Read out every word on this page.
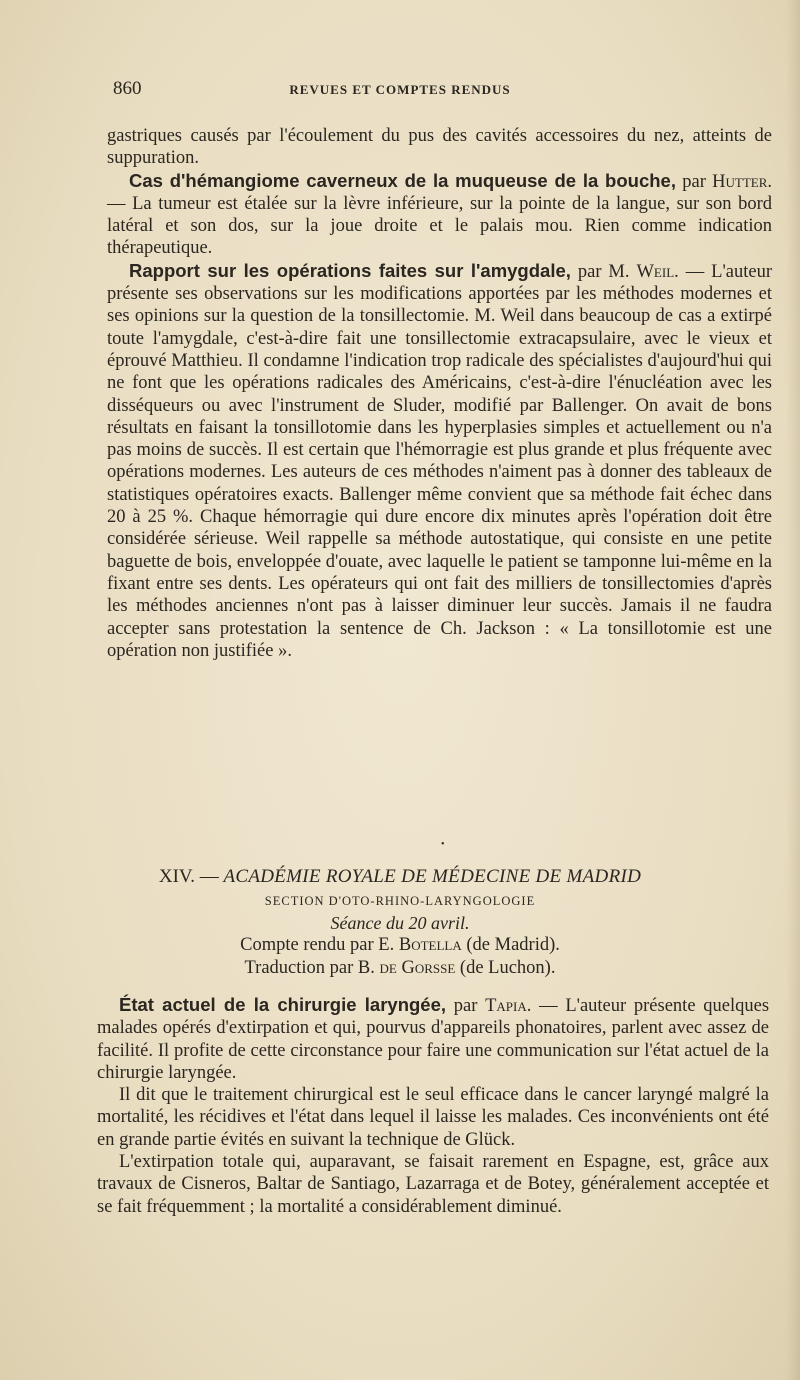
860	REVUES ET COMPTES RENDUS

gastriques causés par l'écoulement du pus des cavités accessoires du nez, atteints de suppuration.

Cas d'hémangiome caverneux de la muqueuse de la bouche, par Hutter. — La tumeur est étalée sur la lèvre inférieure, sur la pointe de la langue, sur son bord latéral et son dos, sur la joue droite et le palais mou. Rien comme indication thérapeutique.

Rapport sur les opérations faites sur l'amygdale, par M. Weil. — L'auteur présente ses observations sur les modifications apportées par les méthodes modernes et ses opinions sur la question de la tonsillectomie. M. Weil dans beaucoup de cas a extirpé toute l'amygdale, c'est-à-dire fait une tonsillectomie extracapsulaire, avec le vieux et éprouvé Matthieu. Il condamne l'indication trop radicale des spécialistes d'aujourd'hui qui ne font que les opérations radicales des Américains, c'est-à-dire l'énucléation avec les disséqueurs ou avec l'instrument de Sluder, modifié par Ballenger. On avait de bons résultats en faisant la tonsillotomie dans les hyperplasies simples et actuellement ou n'a pas moins de succès. Il est certain que l'hémorragie est plus grande et plus fréquente avec opérations modernes. Les auteurs de ces méthodes n'aiment pas à donner des tableaux de statistiques opératoires exacts. Ballenger même convient que sa méthode fait échec dans 20 à 25 %. Chaque hémorragie qui dure encore dix minutes après l'opération doit être considérée sérieuse. Weil rappelle sa méthode autostatique, qui consiste en une petite baguette de bois, enveloppée d'ouate, avec laquelle le patient se tamponne lui-même en la fixant entre ses dents. Les opérateurs qui ont fait des milliers de tonsillectomies d'après les méthodes anciennes n'ont pas à laisser diminuer leur succès. Jamais il ne faudra accepter sans protestation la sentence de Ch. Jackson : « La tonsillotomie est une opération non justifiée ».

•
XIV. — ACADÉMIE ROYALE DE MÉDECINE DE MADRID
SECTION D'OTO-RHINO-LARYNGOLOGIE
Séance du 20 avril.
Compte rendu par E. Botella (de Madrid).
Traduction par B. de Gorsse (de Luchon).

État actuel de la chirurgie laryngée, par Tapia. — L'auteur présente quelques malades opérés d'extirpation et qui, pourvus d'appareils phonatoires, parlent avec assez de facilité. Il profite de cette circonstance pour faire une communication sur l'état actuel de la chirurgie laryngée.

Il dit que le traitement chirurgical est le seul efficace dans le cancer laryngé malgré la mortalité, les récidives et l'état dans lequel il laisse les malades. Ces inconvénients ont été en grande partie évités en suivant la technique de Glück.

L'extirpation totale qui, auparavant, se faisait rarement en Espagne, est, grâce aux travaux de Cisneros, Baltar de Santiago, Lazarraga et de Botey, généralement acceptée et se fait fréquemment ; la mortalité a considérablement diminué.
